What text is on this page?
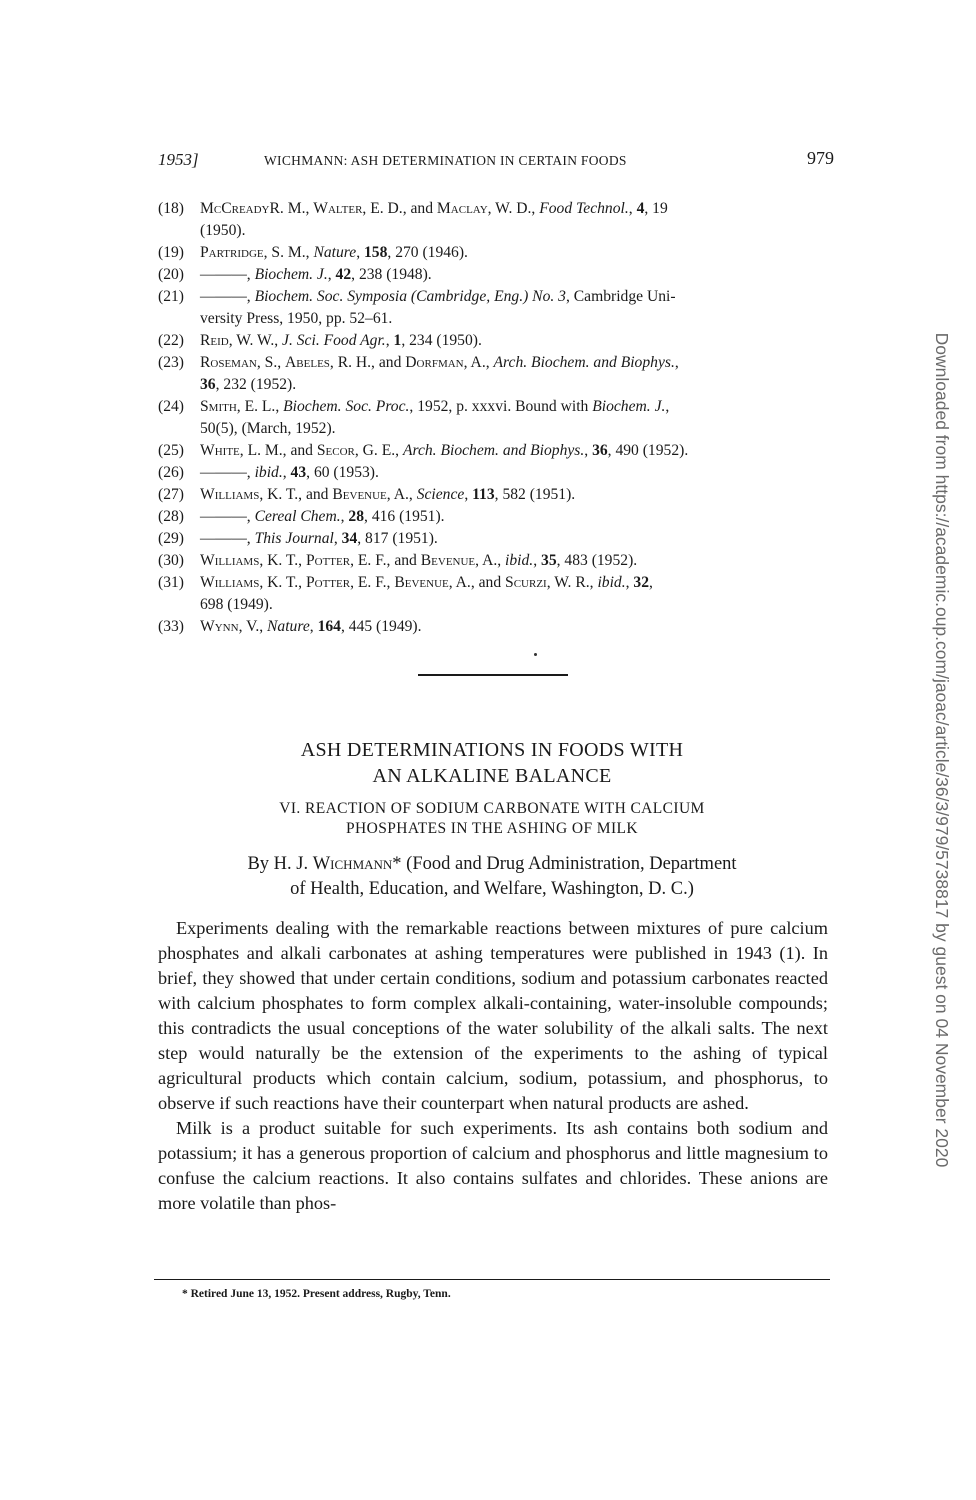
1953]	WICHMANN: ASH DETERMINATION IN CERTAIN FOODS	979
(18)	McCreadyR. M., Walter, E. D., and Maclay, W. D., Food Technol., 4, 19
(1950).
(19)	Partridge, S. M., Nature, 158, 270 (1946).
(20)	———, Biochem. J., 42, 238 (1948).
(21)	———, Biochem. Soc. Symposia (Cambridge, Eng.) No. 3, Cambridge Uni-
versity Press, 1950, pp. 52–61.
(22)	Reid, W. W., J. Sci. Food Agr., 1, 234 (1950).
(23)	Roseman, S., Abeles, R. H., and Dorfman, A., Arch. Biochem. and Biophys.,
36, 232 (1952).
(24)	Smith, E. L., Biochem. Soc. Proc., 1952, p. xxxvi. Bound with Biochem. J.,
50(5), (March, 1952).
(25)	White, L. M., and Secor, G. E., Arch. Biochem. and Biophys., 36, 490 (1952).
(26)	———, ibid., 43, 60 (1953).
(27)	Williams, K. T., and Bevenue, A., Science, 113, 582 (1951).
(28)	———, Cereal Chem., 28, 416 (1951).
(29)	———, This Journal, 34, 817 (1951).
(30)	Williams, K. T., Potter, E. F., and Bevenue, A., ibid., 35, 483 (1952).
(31)	Williams, K. T., Potter, E. F., Bevenue, A., and Scurzi, W. R., ibid., 32,
698 (1949).
(33)	Wynn, V., Nature, 164, 445 (1949).
ASH DETERMINATIONS IN FOODS WITH
AN ALKALINE BALANCE
VI. REACTION OF SODIUM CARBONATE WITH CALCIUM
PHOSPHATES IN THE ASHING OF MILK
By H. J. Wichmann* (Food and Drug Administration, Department
of Health, Education, and Welfare, Washington, D. C.)

Experiments dealing with the remarkable reactions between mixtures of pure calcium phosphates and alkali carbonates at ashing temperatures were published in 1943 (1). In brief, they showed that under certain conditions, sodium and potassium carbonates reacted with calcium phosphates to form complex alkali-containing, water-insoluble compounds; this contradicts the usual conceptions of the water solubility of the alkali salts. The next step would naturally be the extension of the experiments to the ashing of typical agricultural products which contain calcium, sodium, potassium, and phosphorus, to observe if such reactions have their counterpart when natural products are ashed.

Milk is a product suitable for such experiments. Its ash contains both sodium and potassium; it has a generous proportion of calcium and phosphorus and little magnesium to confuse the calcium reactions. It also contains sulfates and chlorides. These anions are more volatile than phos-

* Retired June 13, 1952. Present address, Rugby, Tenn.
Downloaded from https://academic.oup.com/jaoac/article/36/3/979/5738817 by guest on 04 November 2020
